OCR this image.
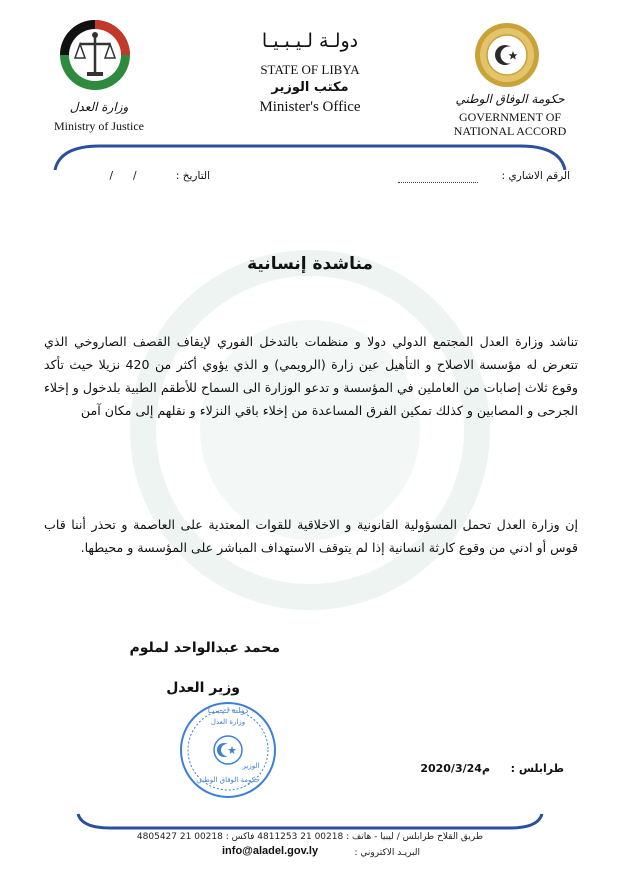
وزارة العدل
Ministry of Justice
دولـة لـيـبـيـا
STATE OF LIBYA
مكتب الوزير
Minister's Office	حكومة الوفاق الوطني
GOVERNMENT OF
NATIONAL ACCORD
الرقم الاشاري :
التاريخ :
/      /
مناشدة إنسانية
تناشد وزارة العدل المجتمع الدولي دولا و منظمات بالتدخل الفوري لإيقاف القصف الصاروخي الذي تتعرض له مؤسسة الاصلاح و التأهيل عين زارة (الرويمي) و الذي يؤوي أكثر من 420 نزيلا حيث تأكد وقوع ثلاث إصابات من العاملين في المؤسسة و تدعو الوزارة الى السماح للأطقم الطبية بلدخول و إخلاء الجرحى و المصابين و كذلك تمكين الفرق المساعدة من إخلاء باقي النزلاء و نقلهم إلى مكان آمن
إن وزارة العدل تحمل المسؤولية القانونية و الاخلاقية للقوات المعتدية على العاصمة و تحذر أننا قاب قوس أو ادني من وقوع كارثة انسانية إذا لم يتوقف الاستهداف المباشر على المؤسسة و محيطها.
محمد عبدالواحد لملوم
وزير العدل
دولـة لـيـبـيـا
وزارة العدل
الوزير
حكومة الوفاق الوطني
طرابلس :
2020/3/24م
طريق القلاح طرابلس / ليبيا - هاتف : 00218 21 4811253 فاكس : 00218 21 4805427
البريـد الاكتروني :
info@aladel.gov.ly
